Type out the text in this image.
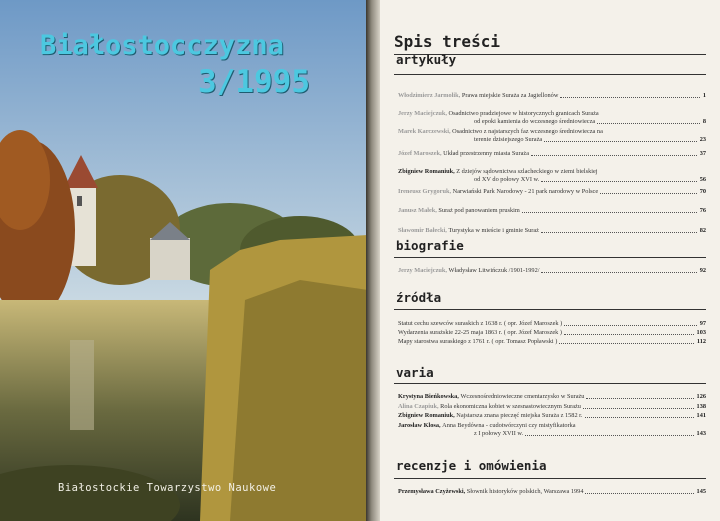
Białostocczyzna
3/1995
Białostockie Towarzystwo Naukowe
Spis treści
artykuły
Włodzimierz Jarmolik, Prawa miejskie Suraża za Jagiellonów	1
Jerzy Maciejczuk, Osadnictwo pradziejowe w historycznych granicach Suraża
od epoki kamienia do wczesnego średniowiecza	8
Marek Karczewski, Osadnictwo z najstarszych faz wczesnego średniowiecza na
terenie dzisiejszego Suraża	23
Józef Maroszek, Układ przestrzenny miasta Suraża	37
Zbigniew Romaniuk, Z dziejów sądownictwa szlacheckiego w ziemi bielskiej
od XV do połowy XVI w.	56
Ireneusz Grygoruk, Narwiański Park Narodowy - 21 park narodowy w Polsce	70
Janusz Małek, Suraż pod panowaniem pruskim	76
Sławomir Bałecki, Turystyka w mieście i gminie Suraż	82
biografie
Jerzy Maciejczuk, Władysław Litwińczuk /1901-1992/	92
źródła
Statut cechu szewców suraskich z 1638 r. ( opr. Józef Maroszek )	97
Wydarzenia surażskie 22-25 maja 1863 r. ( opr. Józef Maroszek )	103
Mapy starostwa suraskiego z 1761 r. ( opr. Tomasz Popławski )	112
varia
Krystyna Bieńkowska, Wczesnośredniowieczne cmentarzysko w Surażu	126
Alina Czapiuk, Rola ekonomiczna kobiet w szesnastowiecznym Surażu	138
Zbigniew Romaniuk, Najstarsza znana pieczęć miejska Suraża z 1582 r.	141
Jarosław Klosa, Anna Beydówna - cudotwórczyni czy mistyfikatorka
z I połowy XVII w.	143
recenzje i omówienia
Przemysława Czyżewski, Słownik historyków polskich, Warszawa 1994	145
